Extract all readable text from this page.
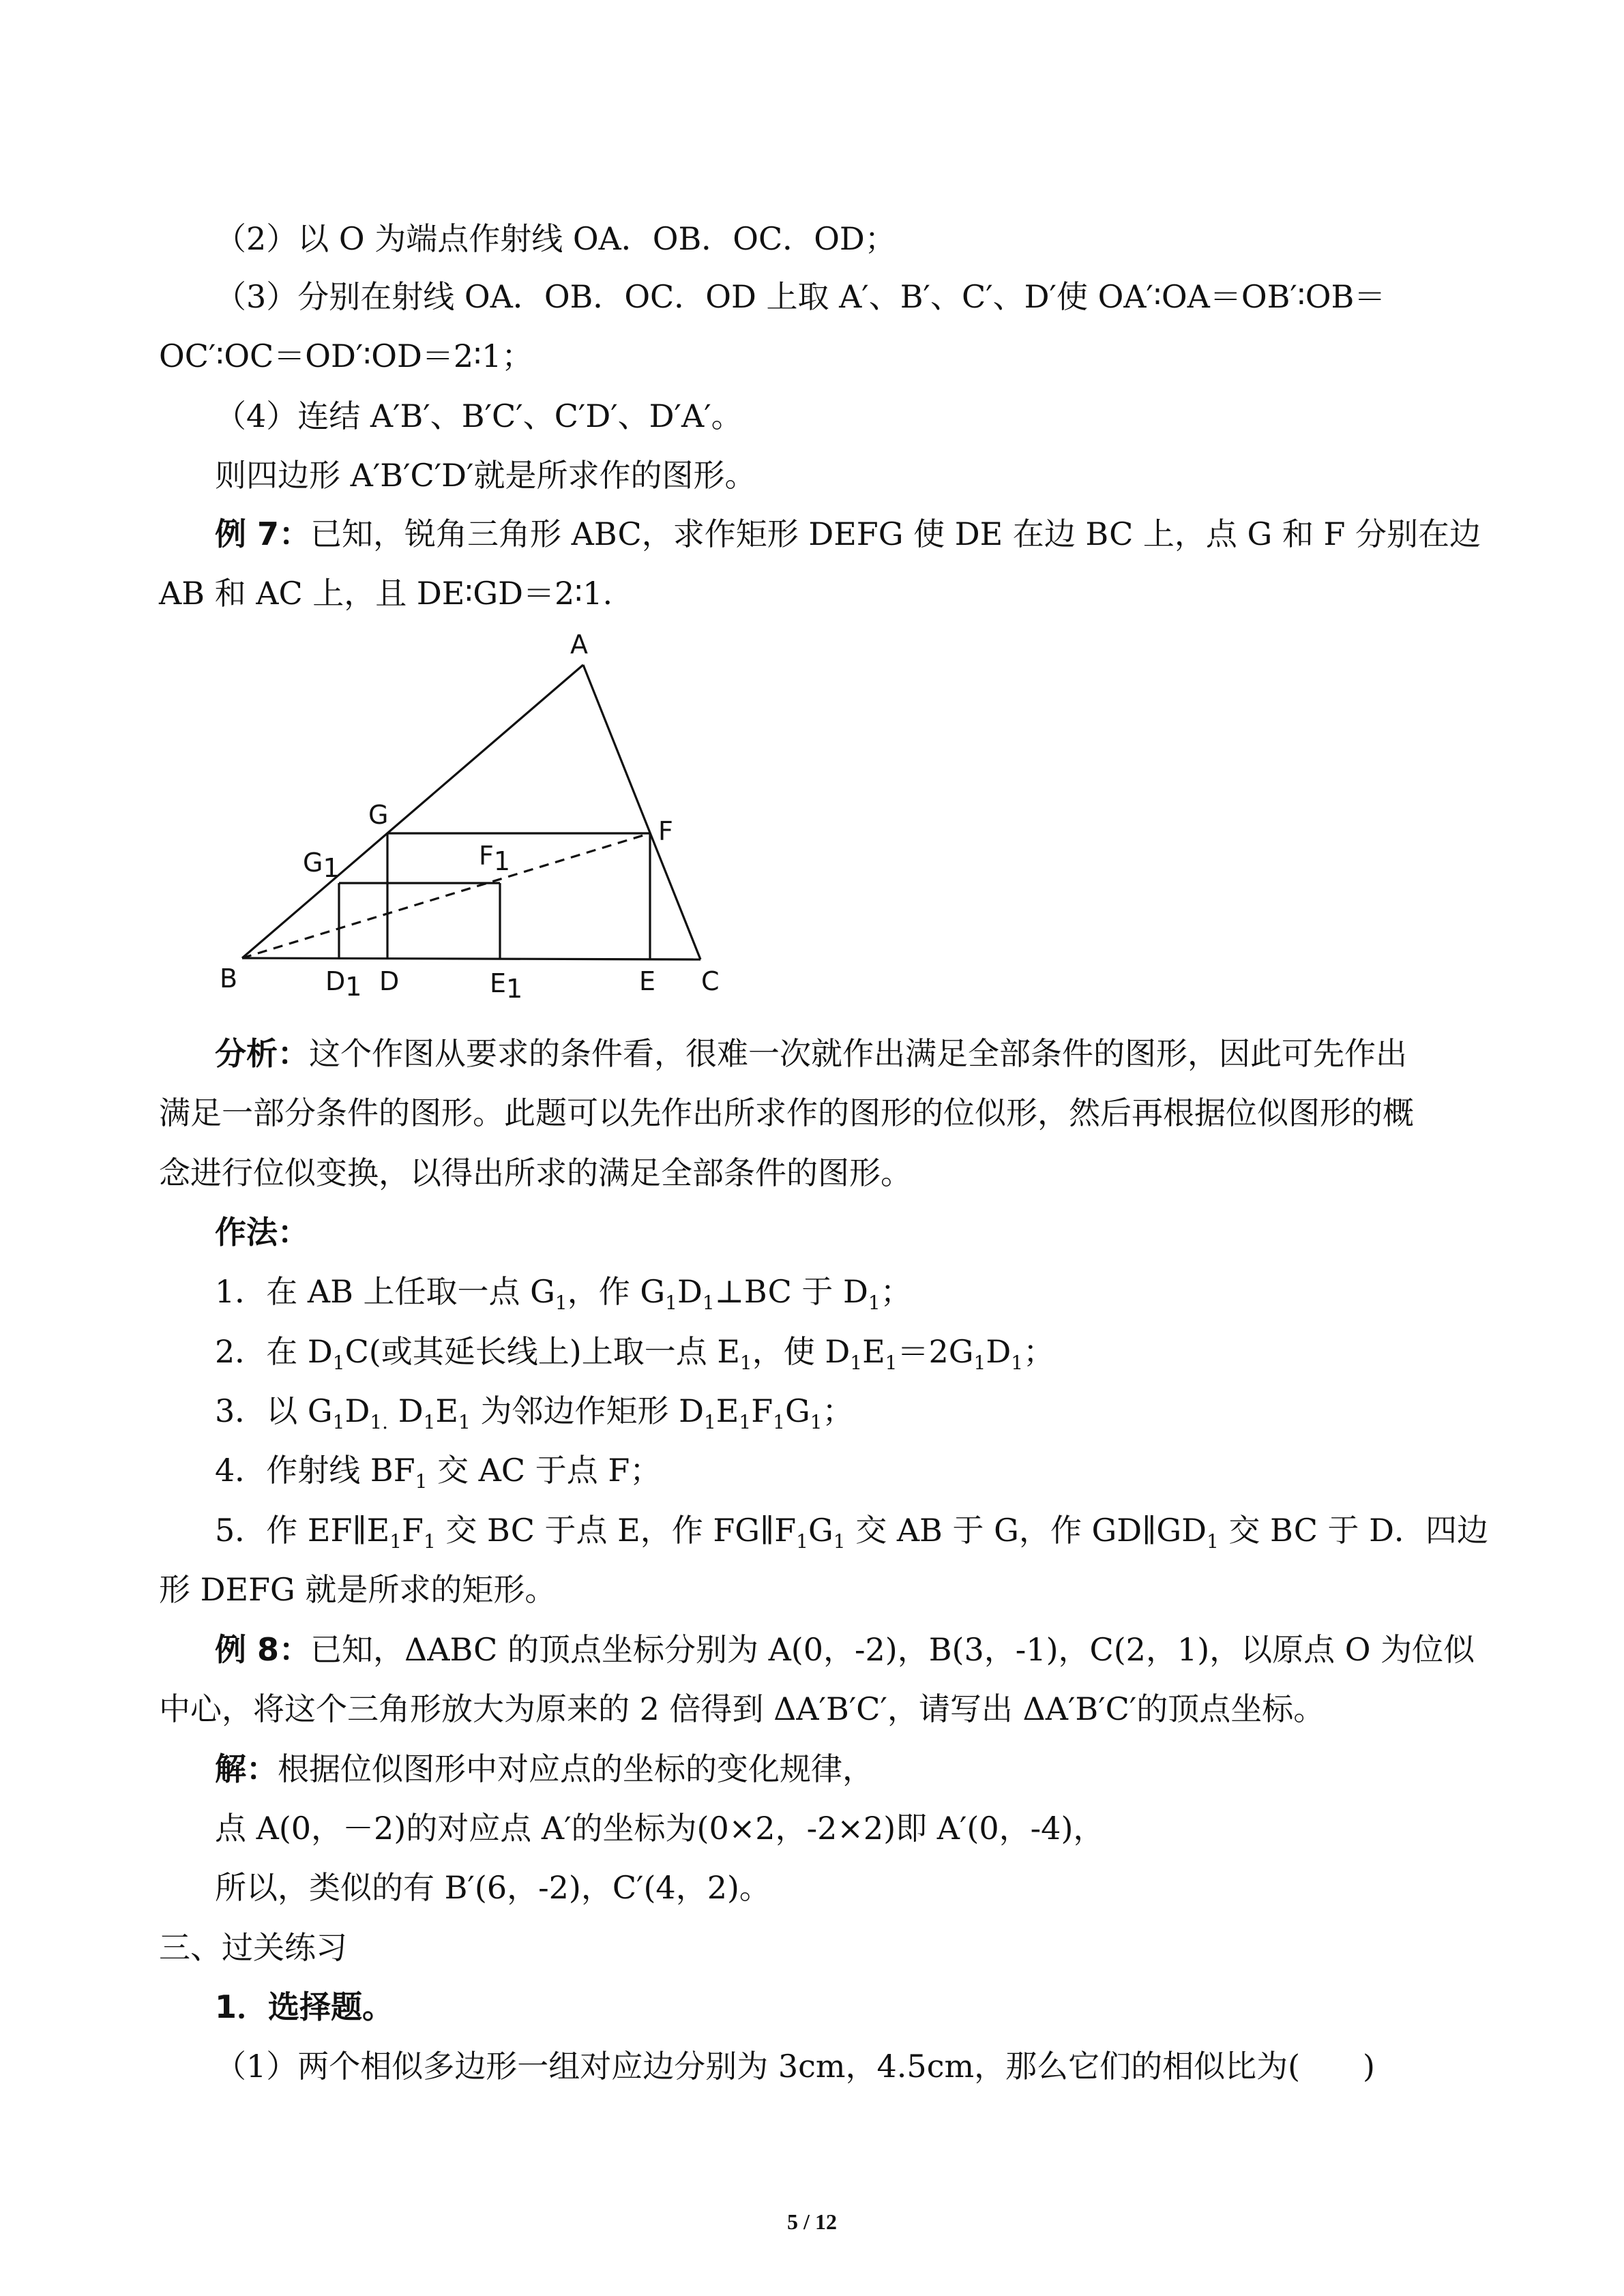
（2）以 O 为端点作射线 OA．OB．OC．OD；
（3）分别在射线 OA．OB．OC．OD 上取 A′、B′、C′、D′使 OA′∶OA＝OB′∶OB＝
OC′∶OC＝OD′∶OD＝2∶1；
（4）连结 A′B′、B′C′、C′D′、D′A′。
则四边形 A′B′C′D′就是所求作的图形。
例 7：已知，锐角三角形 ABC，求作矩形 DEFG 使 DE 在边 BC 上，点 G 和 F 分别在边
AB 和 AC 上，且 DE∶GD＝2∶1.
A
B	C
D	E
F
G
G1	F1
D1	E1
分析：这个作图从要求的条件看，很难一次就作出满足全部条件的图形，因此可先作出
满足一部分条件的图形。此题可以先作出所求作的图形的位似形，然后再根据位似图形的概
念进行位似变换，以得出所求的满足全部条件的图形。
作法：
1．在 AB 上任取一点 $G_1$，作 $G_1D_1\perp BC$ 于 $D_1$；
2．在 $D_1C$(或其延长线上)上取一点 $E_1$，使 $D_1E_1=2G_1D_1$；
3．以 $G_1D_{1.}$ $D_1E_1$ 为邻边作矩形 $D_1E_1F_1G_1$；
4．作射线 $BF_1$ 交 AC 于点 F；
5．作 $EF\parallel E_1F_1$ 交 BC 于点 E，作 $FG\parallel F_1G_1$ 交 AB 于 G，作 $GD\parallel GD_1$ 交 BC 于 D．四边
形 DEFG 就是所求的矩形。
例 8：已知，ΔABC 的顶点坐标分别为 A(0，-2)，B(3，-1)，C(2，1)，以原点 O 为位似
中心，将这个三角形放大为原来的 2 倍得到 ΔA′B′C′，请写出 ΔA′B′C′的顶点坐标。
解：根据位似图形中对应点的坐标的变化规律，
点 A(0，－2)的对应点 A′的坐标为(0×2，-2×2)即 A′(0，-4)，
所以，类似的有 B′(6，-2)，C′(4，2)。
三、过关练习
1．选择题。
（1）两个相似多边形一组对应边分别为 3cm，4.5cm，那么它们的相似比为(　　)
5 / 12
